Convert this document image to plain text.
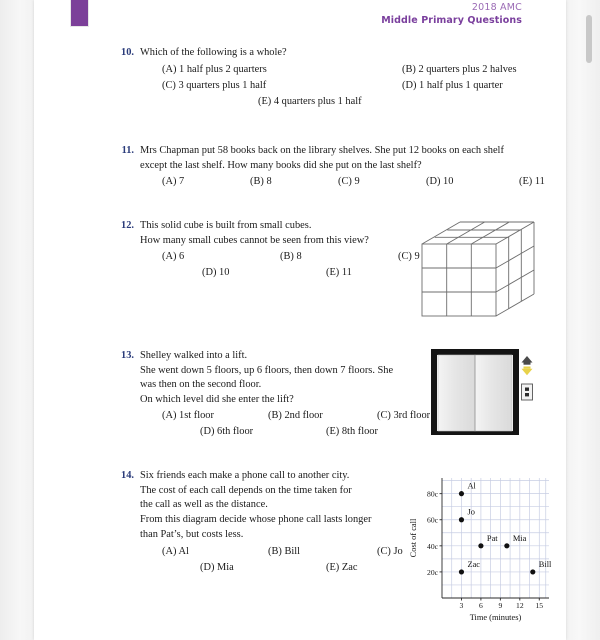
2018 AMC
Middle Primary Questions
10. Which of the following is a whole?

(A) 1 half plus 2 quarters	(B) 2 quarters plus 2 halves
(C) 3 quarters plus 1 half	(D) 1 half plus 1 quarter
(E) 4 quarters plus 1 half
11. Mrs Chapman put 58 books back on the library shelves. She put 12 books on each shelf

except the last shelf. How many books did she put on the last shelf?

(A) 7	(B) 8	(C) 9	(D) 10	(E) 11
12. This solid cube is built from small cubes.

How many small cubes cannot be seen from this view?

(A) 6	(B) 8	(C) 9
(D) 10	(E) 11
13. Shelley walked into a lift.

She went down 5 floors, up 6 floors, then down 7 floors. She

was then on the second floor.

On which level did she enter the lift?

(A) 1st floor	(B) 2nd floor	(C) 3rd floor
(D) 6th floor	(E) 8th floor
14. Six friends each make a phone call to another city.

The cost of each call depends on the time taken for

the call as well as the distance.

From this diagram decide whose phone call lasts longer

than Pat’s, but costs less.

(A) Al	(B) Bill	(C) Jo
(D) Mia	(E) Zac	20c
40c
60c
80c
3 6 9 12 15
Time (minutes)
Cost of call
Al
Jo
Pat Mia
Zac	Bill
